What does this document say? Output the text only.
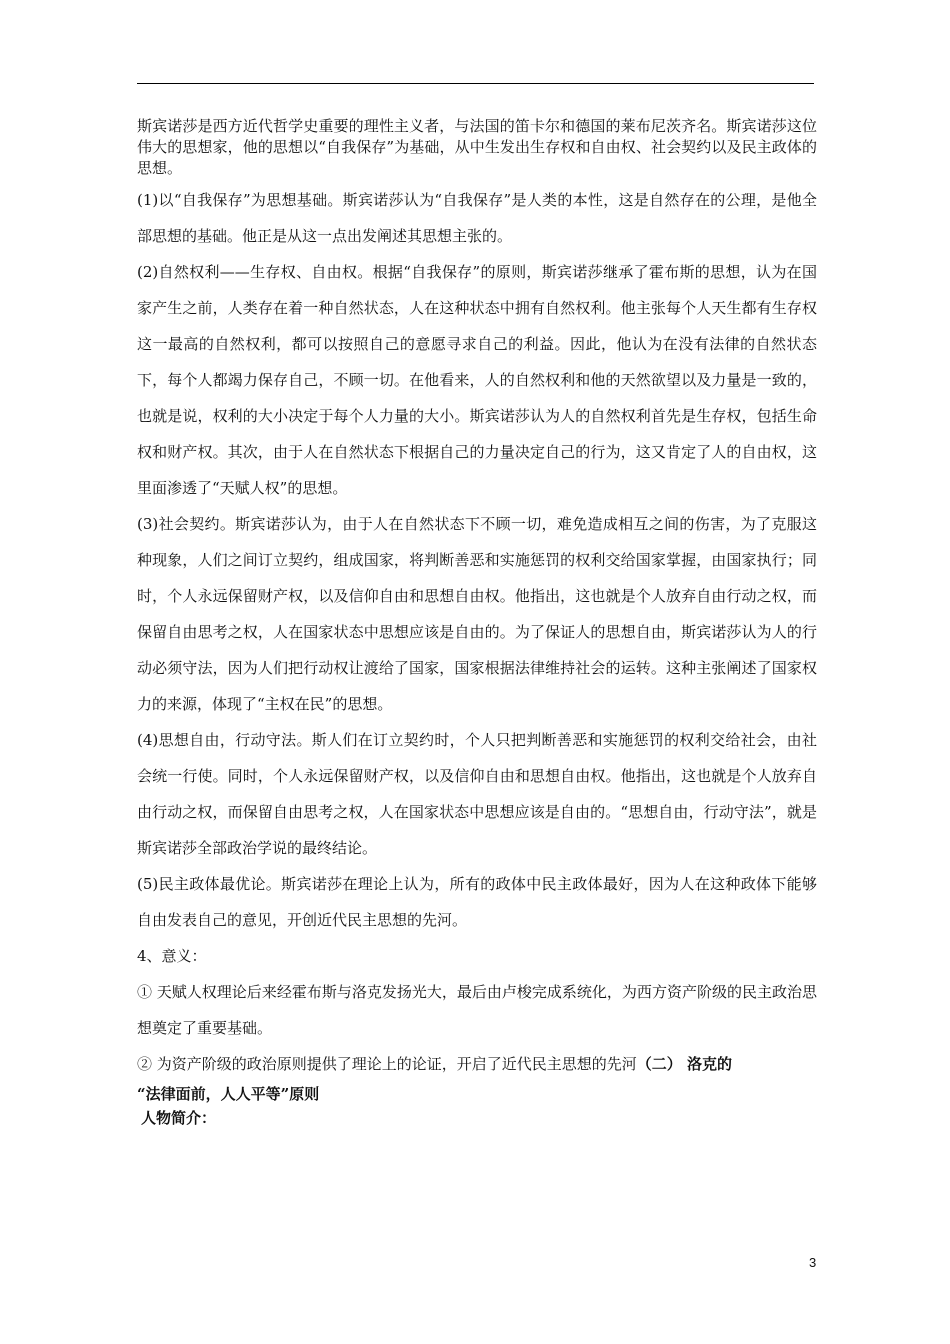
斯宾诺莎是西方近代哲学史重要的理性主义者，与法国的笛卡尔和德国的莱布尼茨齐名。斯宾诺莎这位伟大的思想家，他的思想以“自我保存”为基础，从中生发出生存权和自由权、社会契约以及民主政体的思想。

(1)以“自我保存”为思想基础。斯宾诺莎认为“自我保存”是人类的本性，这是自然存在的公理，是他全部思想的基础。他正是从这一点出发阐述其思想主张的。

(2)自然权利——生存权、自由权。根据“自我保存”的原则，斯宾诺莎继承了霍布斯的思想，认为在国家产生之前，人类存在着一种自然状态，人在这种状态中拥有自然权利。他主张每个人天生都有生存权这一最高的自然权利，都可以按照自己的意愿寻求自己的利益。因此，他认为在没有法律的自然状态下，每个人都竭力保存自己，不顾一切。在他看来，人的自然权利和他的天然欲望以及力量是一致的，也就是说，权利的大小决定于每个人力量的大小。斯宾诺莎认为人的自然权利首先是生存权，包括生命权和财产权。其次，由于人在自然状态下根据自己的力量决定自己的行为，这又肯定了人的自由权，这里面渗透了“天赋人权”的思想。

(3)社会契约。斯宾诺莎认为，由于人在自然状态下不顾一切，难免造成相互之间的伤害，为了克服这种现象，人们之间订立契约，组成国家，将判断善恶和实施惩罚的权利交给国家掌握，由国家执行；同时，个人永远保留财产权，以及信仰自由和思想自由权。他指出，这也就是个人放弃自由行动之权，而保留自由思考之权，人在国家状态中思想应该是自由的。为了保证人的思想自由，斯宾诺莎认为人的行动必须守法，因为人们把行动权让渡给了国家，国家根据法律维持社会的运转。这种主张阐述了国家权力的来源，体现了“主权在民”的思想。

(4)思想自由，行动守法。斯人们在订立契约时，个人只把判断善恶和实施惩罚的权利交给社会，由社会统一行使。同时，个人永远保留财产权，以及信仰自由和思想自由权。他指出，这也就是个人放弃自由行动之权，而保留自由思考之权，人在国家状态中思想应该是自由的。“思想自由，行动守法”，就是斯宾诺莎全部政治学说的最终结论。

(5)民主政体最优论。斯宾诺莎在理论上认为，所有的政体中民主政体最好，因为人在这种政体下能够自由发表自己的意见，开创近代民主思想的先河。

4、意义：

① 天赋人权理论后来经霍布斯与洛克发扬光大，最后由卢梭完成系统化，为西方资产阶级的民主政治思想奠定了重要基础。

② 为资产阶级的政治原则提供了理论上的论证，开启了近代民主思想的先河（二） 洛克的

“法律面前，人人平等”原则

人物简介：

3
